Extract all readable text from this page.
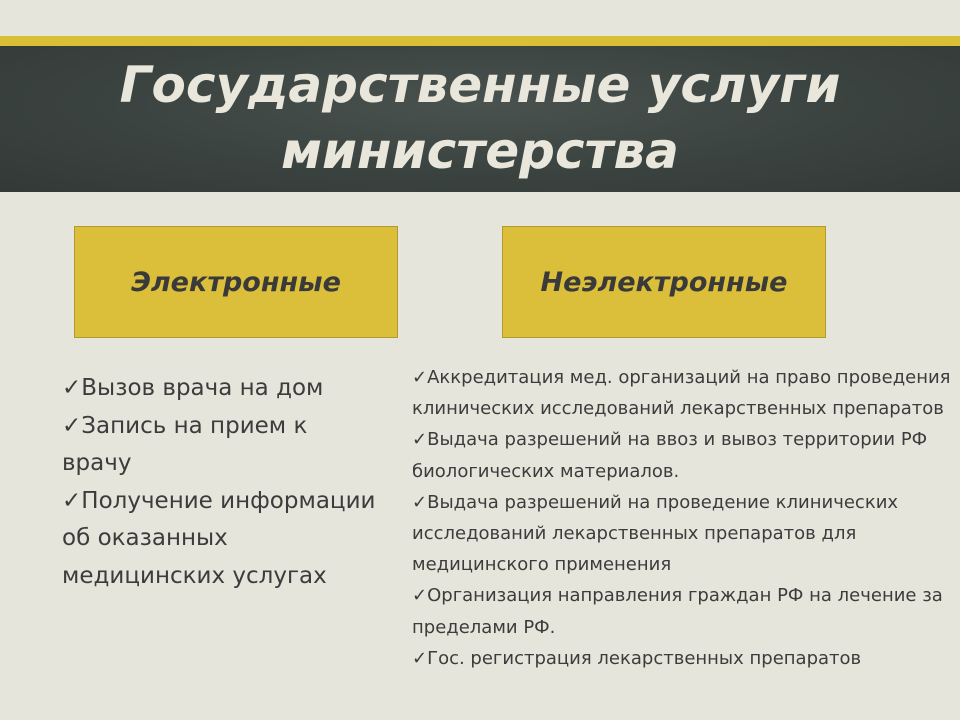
Государственные услуги министерства
Электронные	Неэлектронные
✓Вызов врача на дом
✓Запись на прием к врачу
✓Получение информации об оказанных медицинских услугах
✓Аккредитация мед. организаций на право проведения клинических исследований лекарственных препаратов
✓Выдача разрешений на ввоз и вывоз территории РФ биологических материалов.
✓Выдача разрешений на проведение клинических исследований лекарственных препаратов для медицинского применения
✓Организация направления граждан РФ на лечение за пределами РФ.
✓Гос. регистрация лекарственных препаратов
